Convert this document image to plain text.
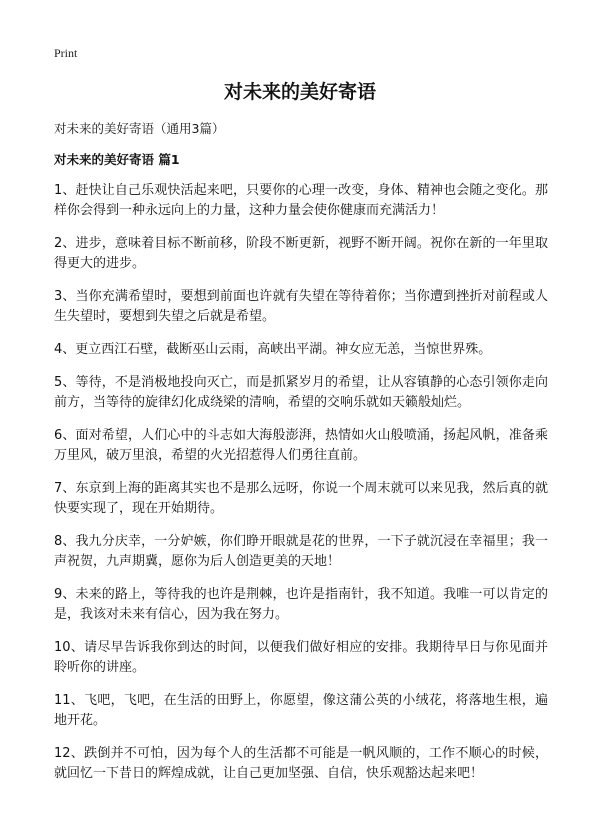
Print
对未来的美好寄语

对未来的美好寄语（通用3篇）

对未来的美好寄语 篇1

1、赶快让自己乐观快活起来吧，只要你的心理一改变，身体、精神也会随之变化。那样你会得到一种永远向上的力量，这种力量会使你健康而充满活力！

2、进步，意味着目标不断前移，阶段不断更新，视野不断开阔。祝你在新的一年里取得更大的进步。

3、当你充满希望时，要想到前面也许就有失望在等待着你；当你遭到挫折对前程或人生失望时，要想到失望之后就是希望。

4、更立西江石壁，截断巫山云雨，高峡出平湖。神女应无恙，当惊世界殊。

5、等待，不是消极地投向灭亡，而是抓紧岁月的希望，让从容镇静的心态引领你走向前方，当等待的旋律幻化成绕梁的清响，希望的交响乐就如天籁般灿烂。

6、面对希望，人们心中的斗志如大海般澎湃，热情如火山般喷涌，扬起风帆，准备乘万里风，破万里浪，希望的火光招惹得人们勇往直前。

7、东京到上海的距离其实也不是那么远呀，你说一个周末就可以来见我，然后真的就快要实现了，现在开始期待。

8、我九分庆幸，一分妒嫉，你们睁开眼就是花的世界，一下子就沉浸在幸福里；我一声祝贺，九声期冀，愿你为后人创造更美的天地！

9、未来的路上，等待我的也许是荆棘，也许是指南针，我不知道。我唯一可以肯定的是，我该对未来有信心，因为我在努力。

10、请尽早告诉我你到达的时间，以便我们做好相应的安排。我期待早日与你见面并聆听你的讲座。

11、飞吧，飞吧，在生活的田野上，你愿望，像这蒲公英的小绒花，将落地生根，遍地开花。

12、跌倒并不可怕，因为每个人的生活都不可能是一帆风顺的，工作不顺心的时候，就回忆一下昔日的辉煌成就，让自己更加坚强、自信，快乐观豁达起来吧！
